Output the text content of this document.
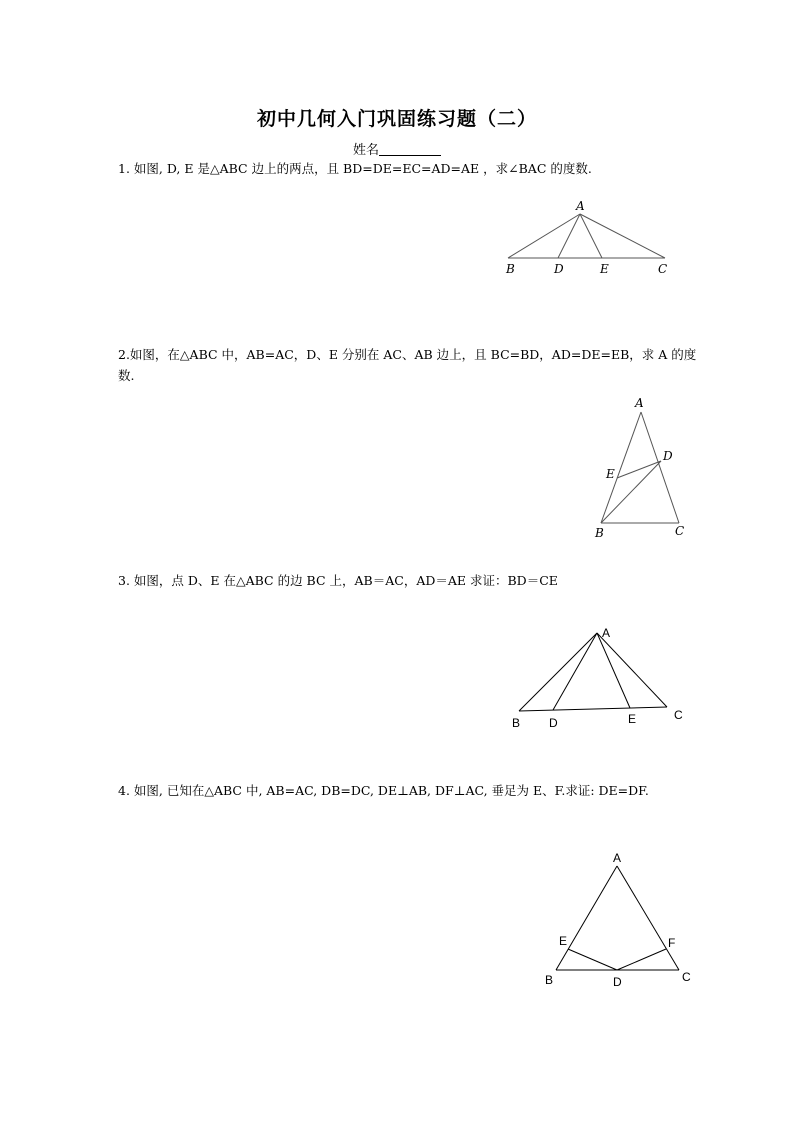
初中几何入门巩固练习题（二）
姓名
1. 如图, D, E 是△ABC 边上的两点，且 BD=DE=EC=AD=AE ，求∠BAC 的度数.
2.如图，在△ABC 中，AB=AC，D、E 分别在 AC、AB 边上，且 BC=BD，AD=DE=EB，求 A 的度数.
3. 如图，点 D、E 在△ABC 的边 BC 上，AB＝AC，AD＝AE 求证：BD＝CE
4. 如图, 已知在△ABC 中, AB=AC, DB=DC, DE⊥AB, DF⊥AC, 垂足为 E、F.求证: DE=DF.
A
B	D	E	C
A
D
E
B	C
A
B D	E	C
A
E	F
B	D	C
